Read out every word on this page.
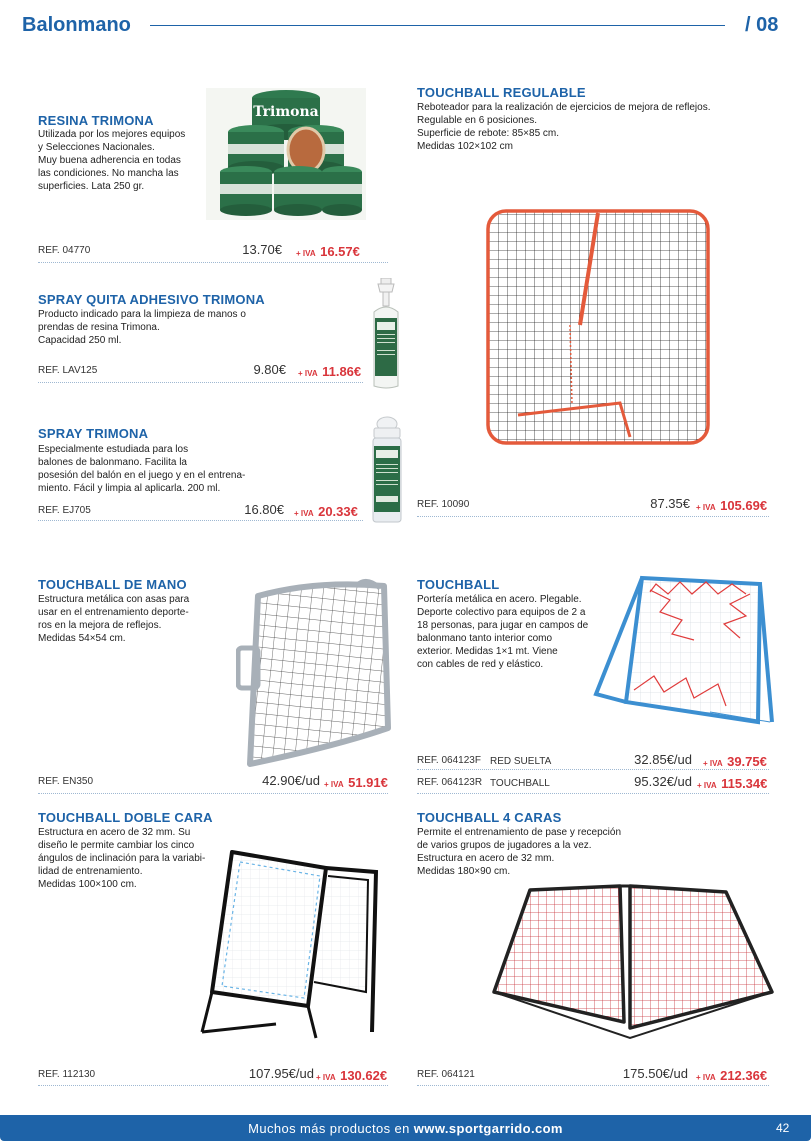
Balonmano	/ 08
RESINA TRIMONA
Utilizada por los mejores equipos
y Selecciones Nacionales.
Muy buena adherencia en todas
las condiciones. No mancha las
superficies. Lata 250 gr.
Trimona
REF. 04770	13.70€ + IVA 16.57€
SPRAY QUITA ADHESIVO TRIMONA
Producto indicado para la limpieza de manos o
prendas de resina Trimona.
Capacidad 250 ml.
REF. LAV125	9.80€ + IVA 11.86€
SPRAY TRIMONA
Especialmente estudiada para los
balones de balonmano. Facilita la
posesión del balón en el juego y en el entrena-
miento. Fácil y limpia al aplicarla. 200 ml.
REF. EJ705	16.80€ + IVA 20.33€
TOUCHBALL REGULABLE
Reboteador para la realización de ejercicios de mejora de reflejos.
Regulable en 6 posiciones.
Superficie de rebote: 85×85 cm.
Medidas 102×102 cm
REF. 10090	87.35€ + IVA 105.69€
TOUCHBALL DE MANO
Estructura metálica con asas para
usar en el entrenamiento deporte-
ros en la mejora de reflejos.
Medidas 54×54 cm.
REF. EN350	42.90€/ud + IVA 51.91€
TOUCHBALL
Portería metálica en acero. Plegable.
Deporte colectivo para equipos de 2 a
18 personas, para jugar en campos de
balonmano tanto interior como
exterior. Medidas 1×1 mt. Viene
con cables de red y elástico.
REF. 064123F RED SUELTA	32.85€/ud + IVA 39.75€
REF. 064123R TOUCHBALL	95.32€/ud + IVA 115.34€
TOUCHBALL DOBLE CARA
Estructura en acero de 32 mm. Su
diseño le permite cambiar los cinco
ángulos de inclinación para la variabi-
lidad de entrenamiento.
Medidas 100×100 cm.
REF. 112130	107.95€/ud + IVA 130.62€
TOUCHBALL 4 CARAS
Permite el entrenamiento de pase y recepción
de varios grupos de jugadores a la vez.
Estructura en acero de 32 mm.
Medidas 180×90 cm.
REF. 064121	175.50€/ud + IVA 212.36€
Muchos más productos en www.sportgarrido.com	42
